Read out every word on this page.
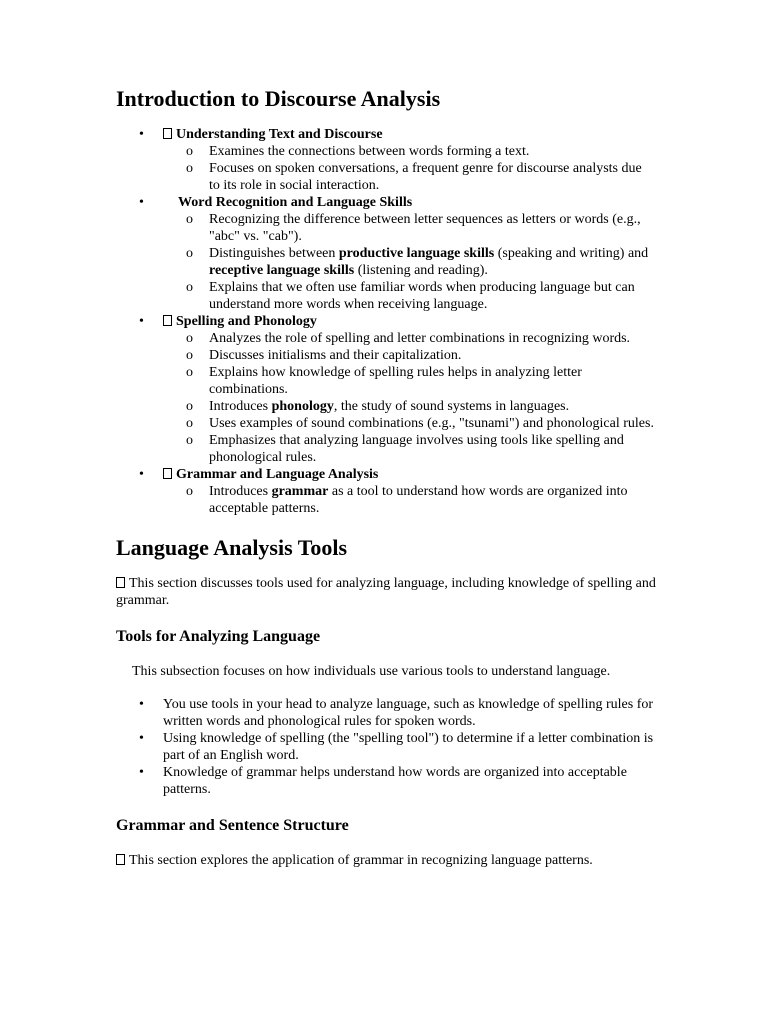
Introduction to Discourse Analysis
• Understanding Text and Discourse
o Examines the connections between words forming a text.
o Focuses on spoken conversations, a frequent genre for discourse analysts due to its role in social interaction.
• Word Recognition and Language Skills
o Recognizing the difference between letter sequences as letters or words (e.g., "abc" vs. "cab").
o Distinguishes between productive language skills (speaking and writing) and receptive language skills (listening and reading).
o Explains that we often use familiar words when producing language but can understand more words when receiving language.
• Spelling and Phonology
o Analyzes the role of spelling and letter combinations in recognizing words.
o Discusses initialisms and their capitalization.
o Explains how knowledge of spelling rules helps in analyzing letter combinations.
o Introduces phonology, the study of sound systems in languages.
o Uses examples of sound combinations (e.g., "tsunami") and phonological rules.
o Emphasizes that analyzing language involves using tools like spelling and phonological rules.
• Grammar and Language Analysis
o Introduces grammar as a tool to understand how words are organized into acceptable patterns.
Language Analysis Tools

This section discusses tools used for analyzing language, including knowledge of spelling and grammar.

Tools for Analyzing Language

This subsection focuses on how individuals use various tools to understand language.

• You use tools in your head to analyze language, such as knowledge of spelling rules for written words and phonological rules for spoken words.
• Using knowledge of spelling (the "spelling tool") to determine if a letter combination is part of an English word.
• Knowledge of grammar helps understand how words are organized into acceptable patterns.
Grammar and Sentence Structure

This section explores the application of grammar in recognizing language patterns.
